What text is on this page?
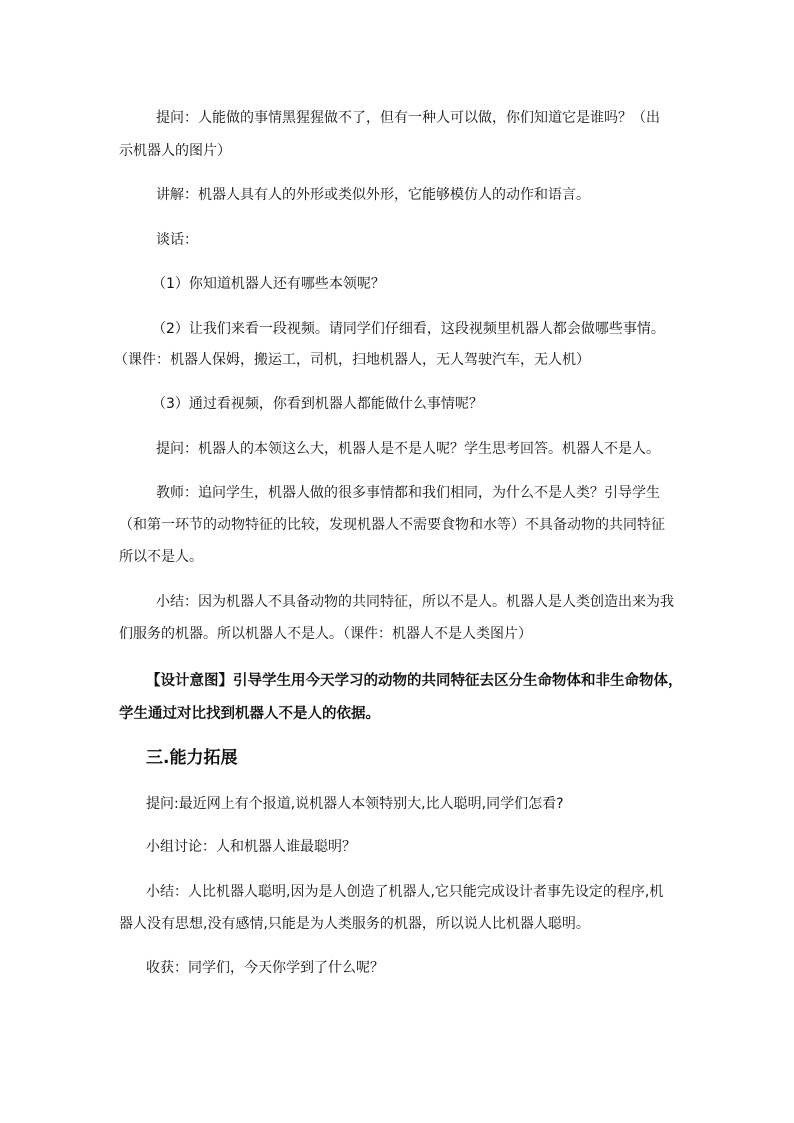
提问：人能做的事情黑猩猩做不了，但有一种人可以做，你们知道它是谁吗？（出
示机器人的图片）
讲解：机器人具有人的外形或类似外形，它能够模仿人的动作和语言。
谈话：
（1）你知道机器人还有哪些本领呢？
（2）让我们来看一段视频。请同学们仔细看，这段视频里机器人都会做哪些事情。
（课件：机器人保姆，搬运工，司机，扫地机器人，无人驾驶汽车，无人机）
（3）通过看视频，你看到机器人都能做什么事情呢？
提问：机器人的本领这么大，机器人是不是人呢？学生思考回答。机器人不是人。
教师：追问学生，机器人做的很多事情都和我们相同，为什么不是人类？引导学生
（和第一环节的动物特征的比较，发现机器人不需要食物和水等）不具备动物的共同特征
所以不是人。
小结：因为机器人不具备动物的共同特征，所以不是人。机器人是人类创造出来为我
们服务的机器。所以机器人不是人。（课件：机器人不是人类图片）
【设计意图】引导学生用今天学习的动物的共同特征去区分生命物体和非生命物体，
学生通过对比找到机器人不是人的依据。
三.能力拓展
提问:最近网上有个报道,说机器人本领特别大,比人聪明,同学们怎看?
小组讨论：人和机器人谁最聪明？
小结：人比机器人聪明,因为是人创造了机器人,它只能完成设计者事先设定的程序,机
器人没有思想,没有感情,只能是为人类服务的机器，所以说人比机器人聪明。
收获：同学们，今天你学到了什么呢？
